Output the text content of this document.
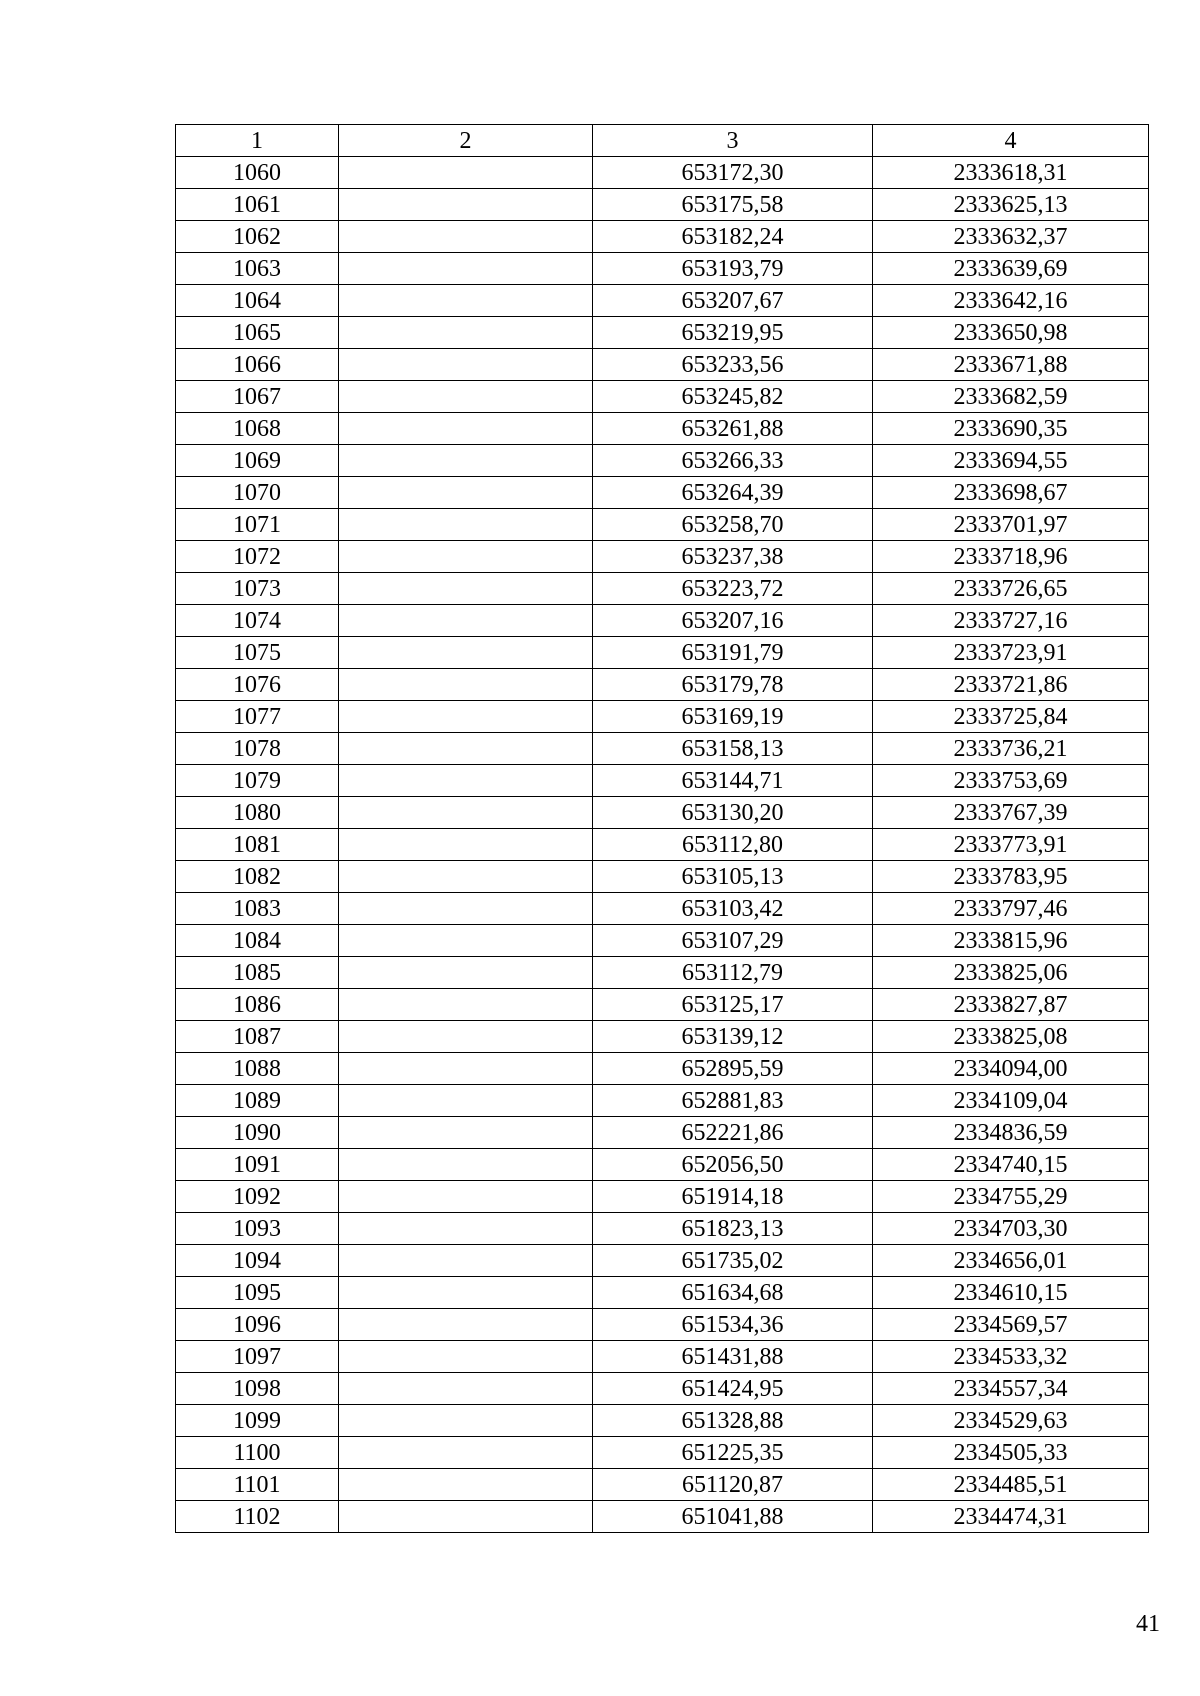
1	2	3	4
1060		653172,30	2333618,31
1061		653175,58	2333625,13
1062		653182,24	2333632,37
1063		653193,79	2333639,69
1064		653207,67	2333642,16
1065		653219,95	2333650,98
1066		653233,56	2333671,88
1067		653245,82	2333682,59
1068		653261,88	2333690,35
1069		653266,33	2333694,55
1070		653264,39	2333698,67
1071		653258,70	2333701,97
1072		653237,38	2333718,96
1073		653223,72	2333726,65
1074		653207,16	2333727,16
1075		653191,79	2333723,91
1076		653179,78	2333721,86
1077		653169,19	2333725,84
1078		653158,13	2333736,21
1079		653144,71	2333753,69
1080		653130,20	2333767,39
1081		653112,80	2333773,91
1082		653105,13	2333783,95
1083		653103,42	2333797,46
1084		653107,29	2333815,96
1085		653112,79	2333825,06
1086		653125,17	2333827,87
1087		653139,12	2333825,08
1088		652895,59	2334094,00
1089		652881,83	2334109,04
1090		652221,86	2334836,59
1091		652056,50	2334740,15
1092		651914,18	2334755,29
1093		651823,13	2334703,30
1094		651735,02	2334656,01
1095		651634,68	2334610,15
1096		651534,36	2334569,57
1097		651431,88	2334533,32
1098		651424,95	2334557,34
1099		651328,88	2334529,63
1100		651225,35	2334505,33
1101		651120,87	2334485,51
1102		651041,88	2334474,31
41
